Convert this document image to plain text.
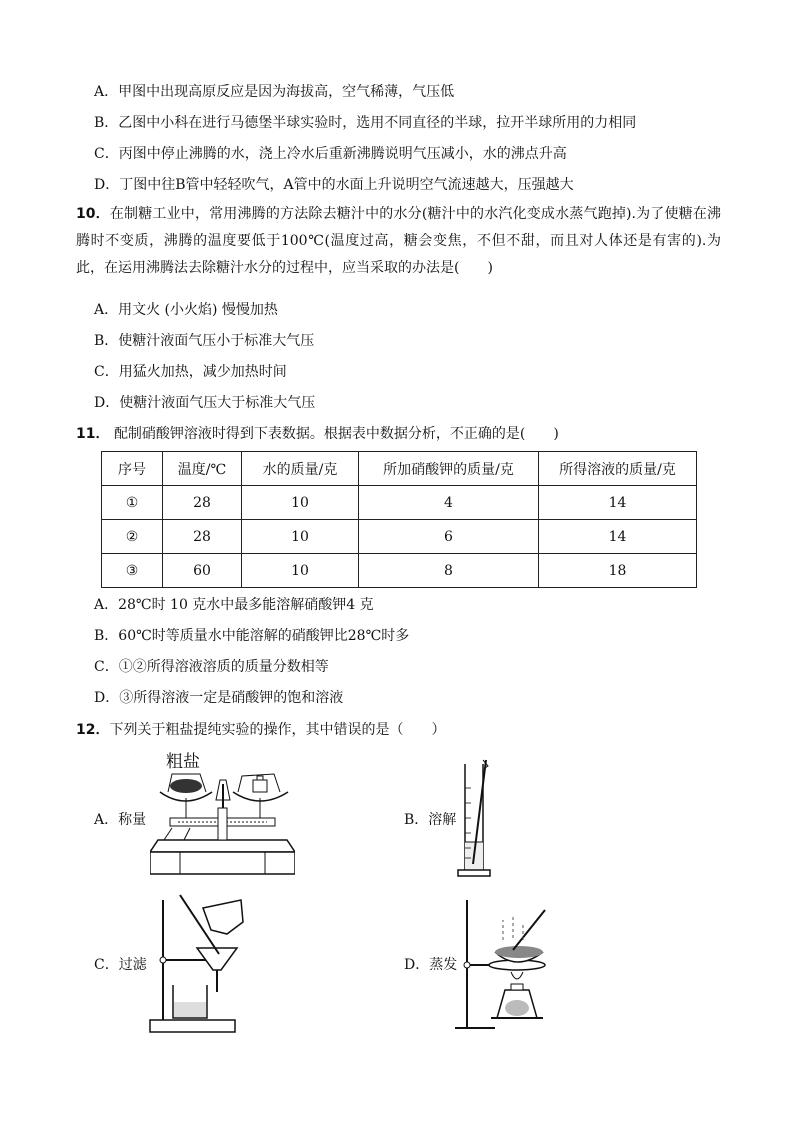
A．甲图中出现高原反应是因为海拔高，空气稀薄，气压低
B．乙图中小科在进行马德堡半球实验时，选用不同直径的半球，拉开半球所用的力相同
C．丙图中停止沸腾的水，浇上冷水后重新沸腾说明气压减小，水的沸点升高
D．丁图中往B管中轻轻吹气，A管中的水面上升说明空气流速越大，压强越大
10．在制糖工业中，常用沸腾的方法除去糖汁中的水分(糖汁中的水汽化变成水蒸气跑掉).为了使糖在沸腾时不变质，沸腾的温度要低于100℃(温度过高，糖会变焦，不但不甜，而且对人体还是有害的).为此，在运用沸腾法去除糖汁水分的过程中，应当采取的办法是(　　)
A．用文火 (小火焰) 慢慢加热
B．使糖汁液面气压小于标准大气压
C．用猛火加热，减少加热时间
D．使糖汁液面气压大于标准大气压
11． 配制硝酸钾溶液时得到下表数据。根据表中数据分析，不正确的是(　　)
序号	温度/℃	水的质量/克	所加硝酸钾的质量/克	所得溶液的质量/克
①	28	10	4	14
②	28	10	6	14
③	60	10	8	18
A．28℃时 10 克水中最多能溶解硝酸钾4 克
B．60℃时等质量水中能溶解的硝酸钾比28℃时多
C．①②所得溶液溶质的质量分数相等
D．③所得溶液一定是硝酸钾的饱和溶液
12．下列关于粗盐提纯实验的操作，其中错误的是（　　）
A．称量
粗盐
B．溶解
C．过滤	D．蒸发
